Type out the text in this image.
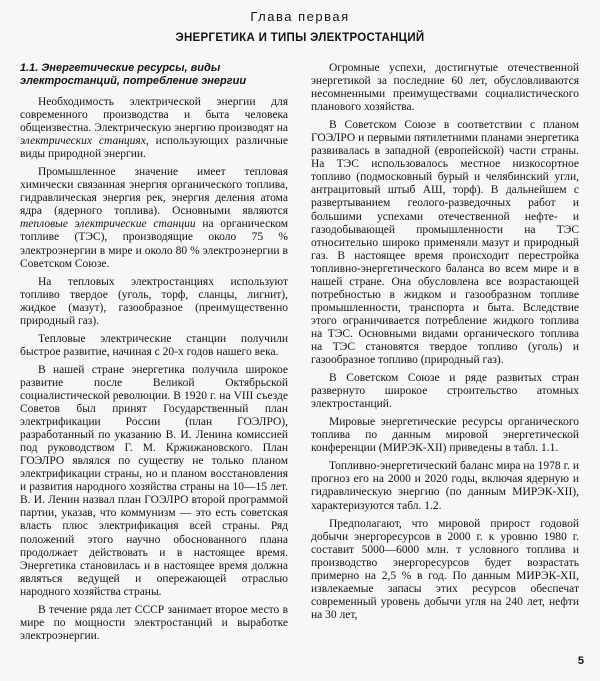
Глава первая
ЭНЕРГЕТИКА И ТИПЫ ЭЛЕКТРОСТАНЦИЙ
1.1. Энергетические ресурсы, виды
электростанций, потребление энергии

Необходимость электрической энергии для современного производства и быта человека общеизвестна. Электрическую энергию производят на электрических станциях, использующих различные виды природной энергии.

Промышленное значение имеет тепловая химически связанная энергия органического топлива, гидравлическая энергия рек, энергия деления атома ядра (ядерного топлива). Основными являются тепловые электрические станции на органическом топливе (ТЭС), производящие около 75 % электроэнергии в мире и около 80 % электроэнергии в Советском Союзе.

На тепловых электростанциях используют топливо твердое (уголь, торф, сланцы, лигнит), жидкое (мазут), газообразное (преимущественно природный газ).

Тепловые электрические станции получили быстрое развитие, начиная с 20-х годов нашего века.

В нашей стране энергетика получила широкое развитие после Великой Октябрьской социалистической революции. В 1920 г. на VIII съезде Советов был принят Государственный план электрификации России (план ГОЭЛРО), разработанный по указанию В. И. Ленина комиссией под руководством Г. М. Кржижановского. План ГОЭЛРО являлся по существу не только планом электрификации страны, но и планом восстановления и развития народного хозяйства страны на 10—15 лет. В. И. Ленин назвал план ГОЭЛРО второй программой партии, указав, что коммунизм — это есть советская власть плюс электрификация всей страны. Ряд положений этого научно обоснованного плана продолжает действовать и в настоящее время. Энергетика становилась и в настоящее время должна являться ведущей и опережающей отраслью народного хозяйства страны.

В течение ряда лет СССР занимает второе место в мире по мощности электростанций и выработке электроэнергии.

Огромные успехи, достигнутые отечественной энергетикой за последние 60 лет, обусловливаются несомненными преимуществами социалистического планового хозяйства.

В Советском Союзе в соответствии с планом ГОЭЛРО и первыми пятилетними планами энергетика развивалась в западной (европейской) части страны. На ТЭС использовалось местное низкосортное топливо (подмосковный бурый и челябинский угли, антрацитовый штыб АШ, торф). В дальнейшем с развертыванием геолого-разведочных работ и большими успехами отечественной нефте- и газодобывающей промышленности на ТЭС относительно широко применяли мазут и природный газ. В настоящее время происходит перестройка топливно-энергетического баланса во всем мире и в нашей стране. Она обусловлена все возрастающей потребностью в жидком и газообразном топливе промышленности, транспорта и быта. Вследствие этого ограничивается потребление жидкого топлива на ТЭС. Основными видами органического топлива на ТЭС становятся твердое топливо (уголь) и газообразное топливо (природный газ).

В Советском Союзе и ряде развитых стран развернуто широкое строительство атомных электростанций.

Мировые энергетические ресурсы органического топлива по данным мировой энергетической конференции (МИРЭК-XII) приведены в табл. 1.1.

Топливно-энергетический баланс мира на 1978 г. и прогноз его на 2000 и 2020 годы, включая ядерную и гидравлическую энергию (по данным МИРЭК-XII), характеризуются табл. 1.2.

Предполагают, что мировой прирост годовой добычи энергоресурсов в 2000 г. к уровню 1980 г. составит 5000—6000 млн. т условного топлива и производство энергоресурсов будет возрастать примерно на 2,5 % в год. По данным МИРЭК-XII, извлекаемые запасы этих ресурсов обеспечат современный уровень добычи угля на 240 лет, нефти на 30 лет,

5
